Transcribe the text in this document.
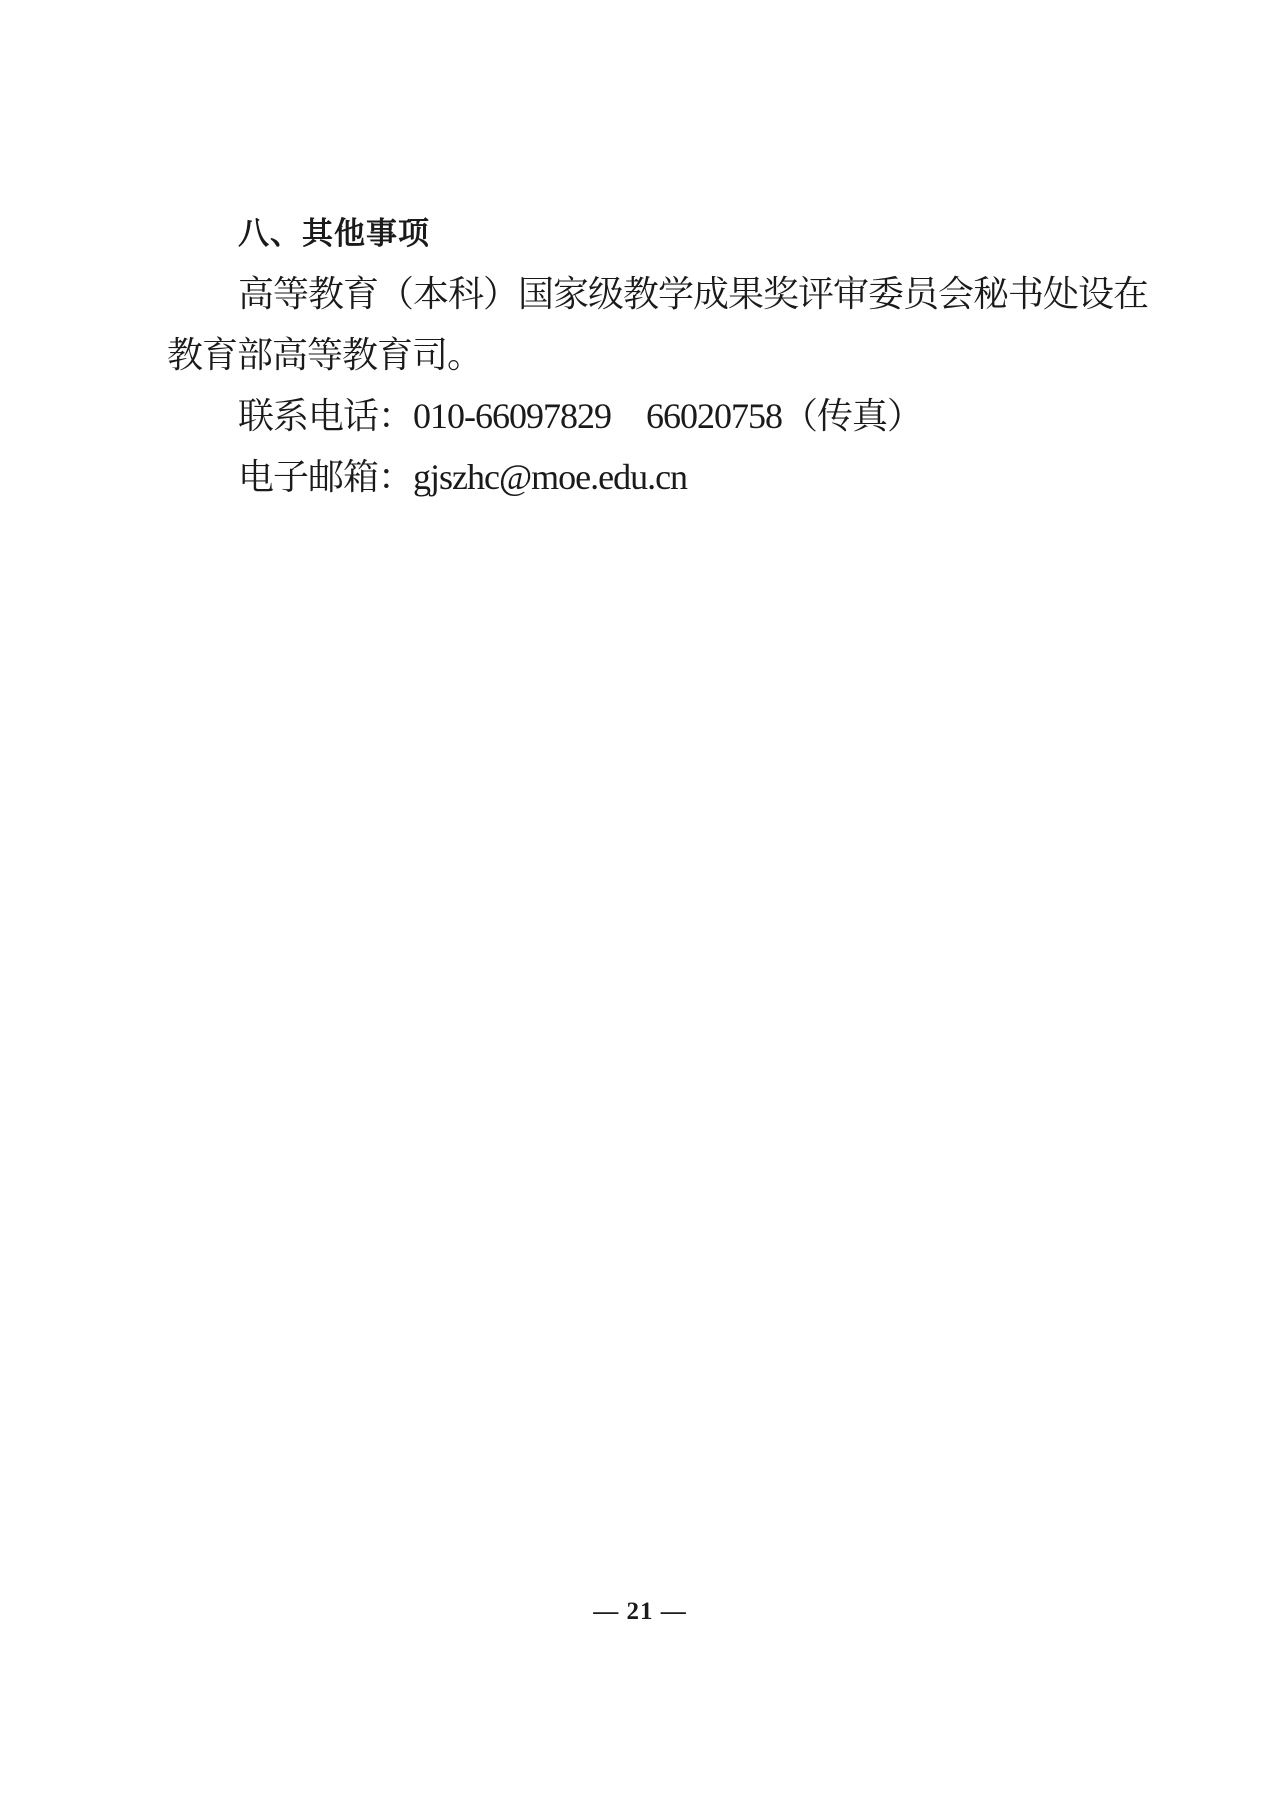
八、其他事项

高等教育（本科）国家级教学成果奖评审委员会秘书处设在

教育部高等教育司。

联系电话：010-66097829　66020758（传真）

电子邮箱：gjszhc@moe.edu.cn

— 21 —
